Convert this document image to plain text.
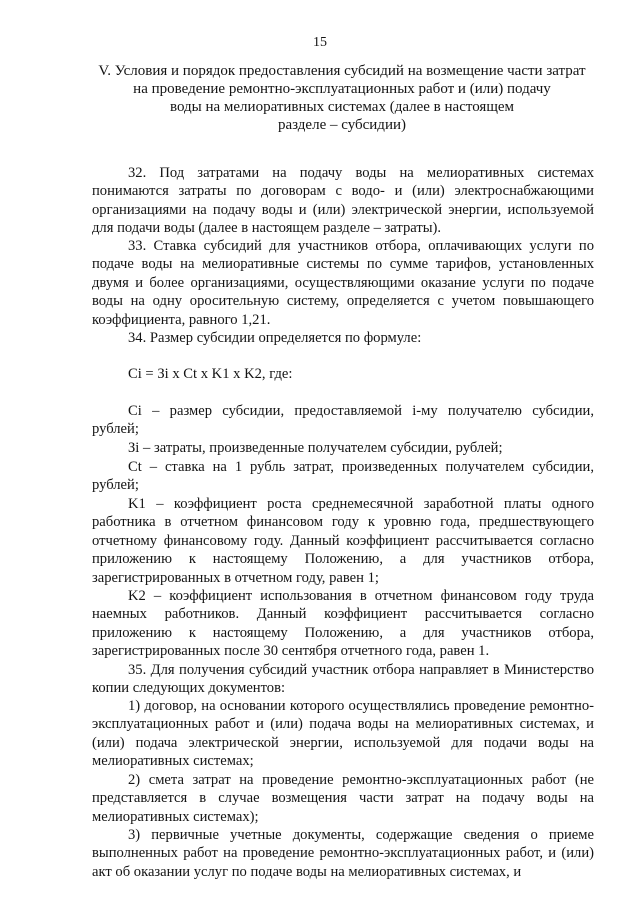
15
V. Условия и порядок предоставления субсидий на возмещение части затрат
на проведение ремонтно-эксплуатационных работ и (или) подачу
воды на мелиоративных системах (далее в настоящем
разделе – субсидии)

32. Под затратами на подачу воды на мелиоративных системах понимаются затраты по договорам с водо- и (или) электроснабжающими организациями на подачу воды и (или) электрической энергии, используемой для подачи воды (далее в настоящем разделе – затраты).

33. Ставка субсидий для участников отбора, оплачивающих услуги по подаче воды на мелиоративные системы по сумме тарифов, установленных двумя и более организациями, осуществляющими оказание услуги по подаче воды на одну оросительную систему, определяется с учетом повышающего коэффициента, равного 1,21.

34. Размер субсидии определяется по формуле:

Ci = Зi x Ct x K1 x K2, где:

Ci – размер субсидии, предоставляемой i-му получателю субсидии, рублей;

Зi – затраты, произведенные получателем субсидии, рублей;

Ct – ставка на 1 рубль затрат, произведенных получателем субсидии, рублей;

K1 – коэффициент роста среднемесячной заработной платы одного работника в отчетном финансовом году к уровню года, предшествующего отчетному финансовому году. Данный коэффициент рассчитывается согласно приложению к настоящему Положению, а для участников отбора, зарегистрированных в отчетном году, равен 1;

K2 – коэффициент использования в отчетном финансовом году труда наемных работников. Данный коэффициент рассчитывается согласно приложению к настоящему Положению, а для участников отбора, зарегистрированных после 30 сентября отчетного года, равен 1.

35. Для получения субсидий участник отбора направляет в Министерство копии следующих документов:

1) договор, на основании которого осуществлялись проведение ремонтно-эксплуатационных работ и (или) подача воды на мелиоративных системах, и (или) подача электрической энергии, используемой для подачи воды на мелиоративных системах;

2) смета затрат на проведение ремонтно-эксплуатационных работ (не представляется в случае возмещения части затрат на подачу воды на мелиоративных системах);

3) первичные учетные документы, содержащие сведения о приеме выполненных работ на проведение ремонтно-эксплуатационных работ, и (или) акт об оказании услуг по подаче воды на мелиоративных системах, и
